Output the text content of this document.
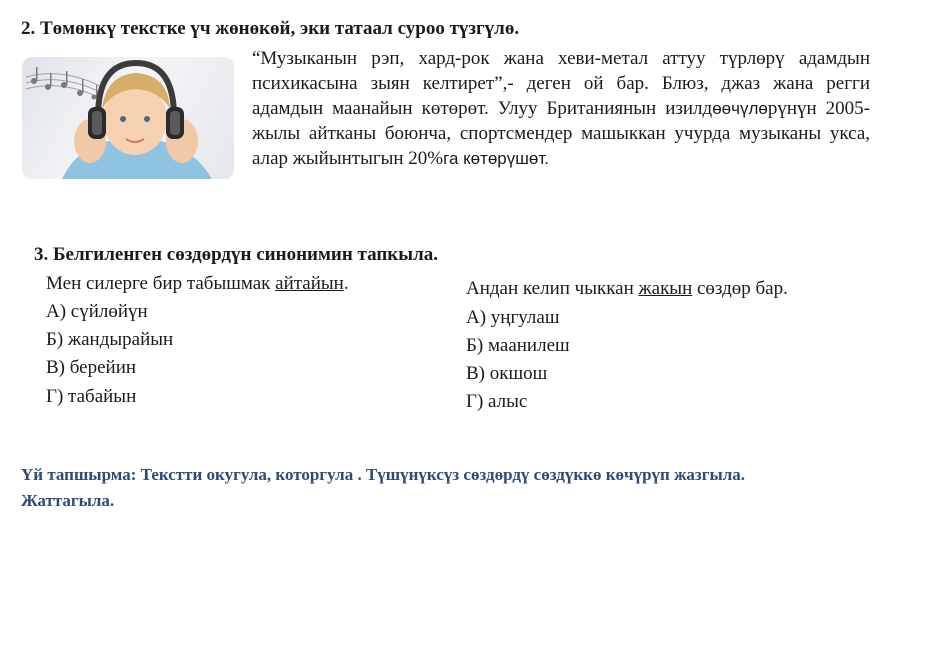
2. Төмөнкү текстке үч жөнөкөй, эки татаал суроо түзгүлө.

“Музыканын рэп, хард-рок жана хеви-метал аттуу түрлөрү адамдын психикасына зыян келтирет”,- деген ой бар. Блюз, джаз жана регги адамдын маанайын көтөрөт. Улуу Британиянын изилдөөчүлөрүнүн 2005-жылы айтканы боюнча, спортсмендер машыккан учурда музыканы укса, алар жыйынтыгын 20%га көтөрүшөт.

3. Белгиленген сөздөрдүн синонимин тапкыла.
Мен силерге бир табышмак айтайын.
А) сүйлөйүн
Б) жандырайын
В) берейин
Г) табайын
Андан келип чыккан жакын сөздөр бар.
А) уңгулаш
Б) маанилеш
В) окшош
Г) алыс
Үй тапшырма: Текстти окугула, которгула . Түшүнүксүз сөздөрдү сөздүккө көчүрүп жазгыла.
Жаттагыла.
